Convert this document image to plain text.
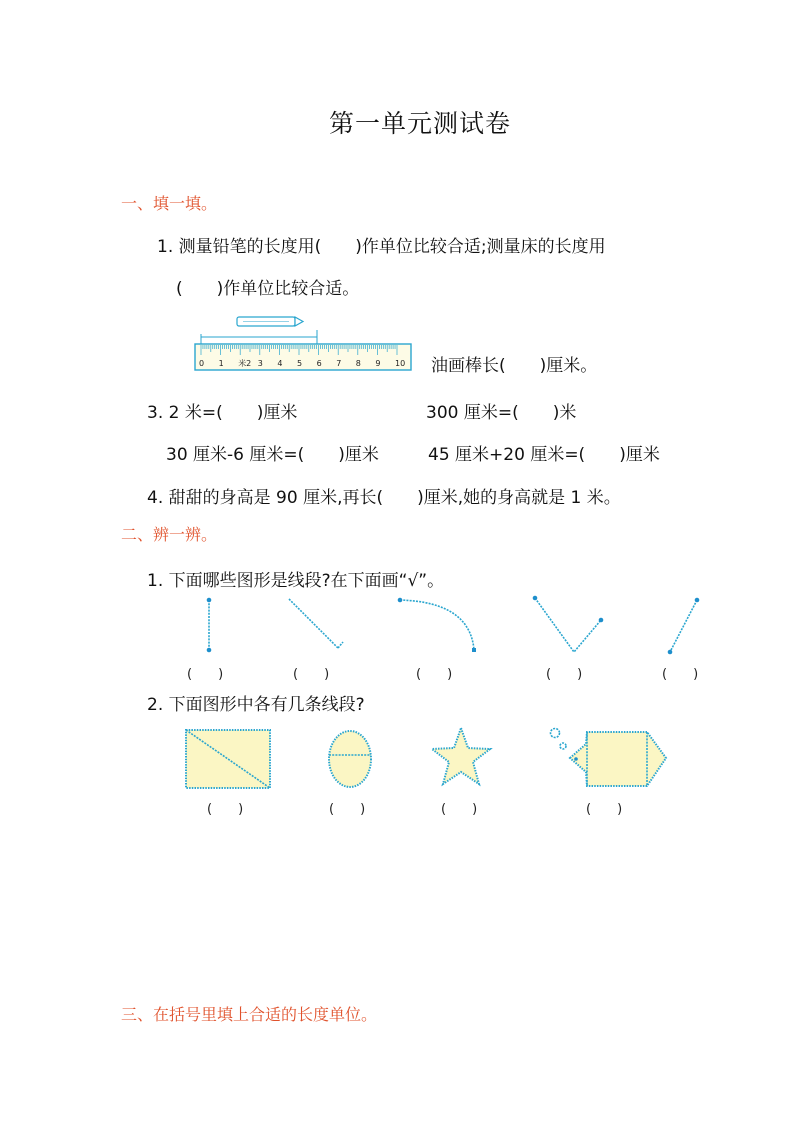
第一单元测试卷
一、填一填。
1. 测量铅笔的长度用(　　)作单位比较合适;测量床的长度用
(　　)作单位比较合适。
0 1 米2 3 4 5 6 7 8 9 10 油画棒长(　　)厘米。
3. 2 米=(　　)厘米	300 厘米=(　　)米
30 厘米-6 厘米=(　　)厘米	45 厘米+20 厘米=(　　)厘米
4. 甜甜的身高是 90 厘米,再长(　　)厘米,她的身高就是 1 米。
二、辨一辨。
1. 下面哪些图形是线段?在下面画“√”。
(　　)	(　　)	(　　)	(　　)	(　　)
2. 下面图形中各有几条线段?
(　　)	(　　)	(　　)	(　　)
三、在括号里填上合适的长度单位。
